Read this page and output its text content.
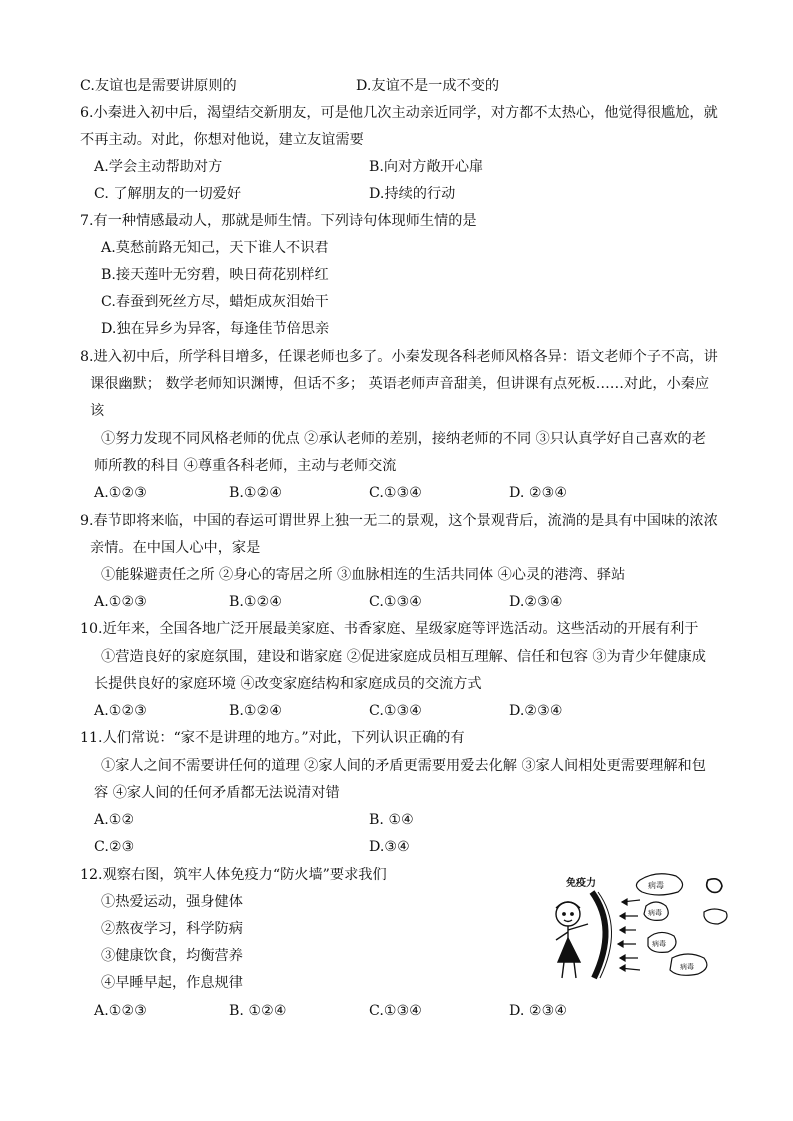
C.友谊也是需要讲原则的	D.友谊不是一成不变的
6.小秦进入初中后，渴望结交新朋友，可是他几次主动亲近同学，对方都不太热心，他觉得很尴尬，就
不再主动。对此，你想对他说，建立友谊需要
A.学会主动帮助对方	B.向对方敞开心扉
C. 了解朋友的一切爱好	D.持续的行动
7.有一种情感最动人，那就是师生情。下列诗句体现师生情的是
A.莫愁前路无知己，天下谁人不识君
B.接天莲叶无穷碧，映日荷花别样红
C.春蚕到死丝方尽，蜡炬成灰泪始干
D.独在异乡为异客，每逢佳节倍思亲
8.进入初中后，所学科目增多，任课老师也多了。小秦发现各科老师风格各异：语文老师个子不高，讲
课很幽默； 数学老师知识渊博，但话不多； 英语老师声音甜美，但讲课有点死板……对此，小秦应
该
①努力发现不同风格老师的优点 ②承认老师的差别，接纳老师的不同 ③只认真学好自己喜欢的老
师所教的科目 ④尊重各科老师，主动与老师交流
A.①②③	B.①②④	C.①③④	D. ②③④
9.春节即将来临，中国的春运可谓世界上独一无二的景观，这个景观背后，流淌的是具有中国味的浓浓
亲情。在中国人心中，家是
①能躲避责任之所 ②身心的寄居之所 ③血脉相连的生活共同体 ④心灵的港湾、驿站
A.①②③	B.①②④	C.①③④	D.②③④
10.近年来，全国各地广泛开展最美家庭、书香家庭、星级家庭等评选活动。这些活动的开展有利于
①营造良好的家庭氛围，建设和谐家庭 ②促进家庭成员相互理解、信任和包容 ③为青少年健康成
长提供良好的家庭环境 ④改变家庭结构和家庭成员的交流方式
A.①②③	B.①②④	C.①③④	D.②③④
11.人们常说：“家不是讲理的地方。”对此，下列认识正确的有
①家人之间不需要讲任何的道理 ②家人间的矛盾更需要用爱去化解 ③家人间相处更需要理解和包
容 ④家人间的任何矛盾都无法说清对错
A.①②	B. ①④
C.②③	D.③④
12.观察右图，筑牢人体免疫力“防火墙”要求我们
①热爱运动，强身健体
②熬夜学习，科学防病
③健康饮食，均衡营养
④早睡早起，作息规律
A.①②③	B. ①②④	C.①③④	D. ②③④
免疫力	病毒
病毒
病毒
病毒
